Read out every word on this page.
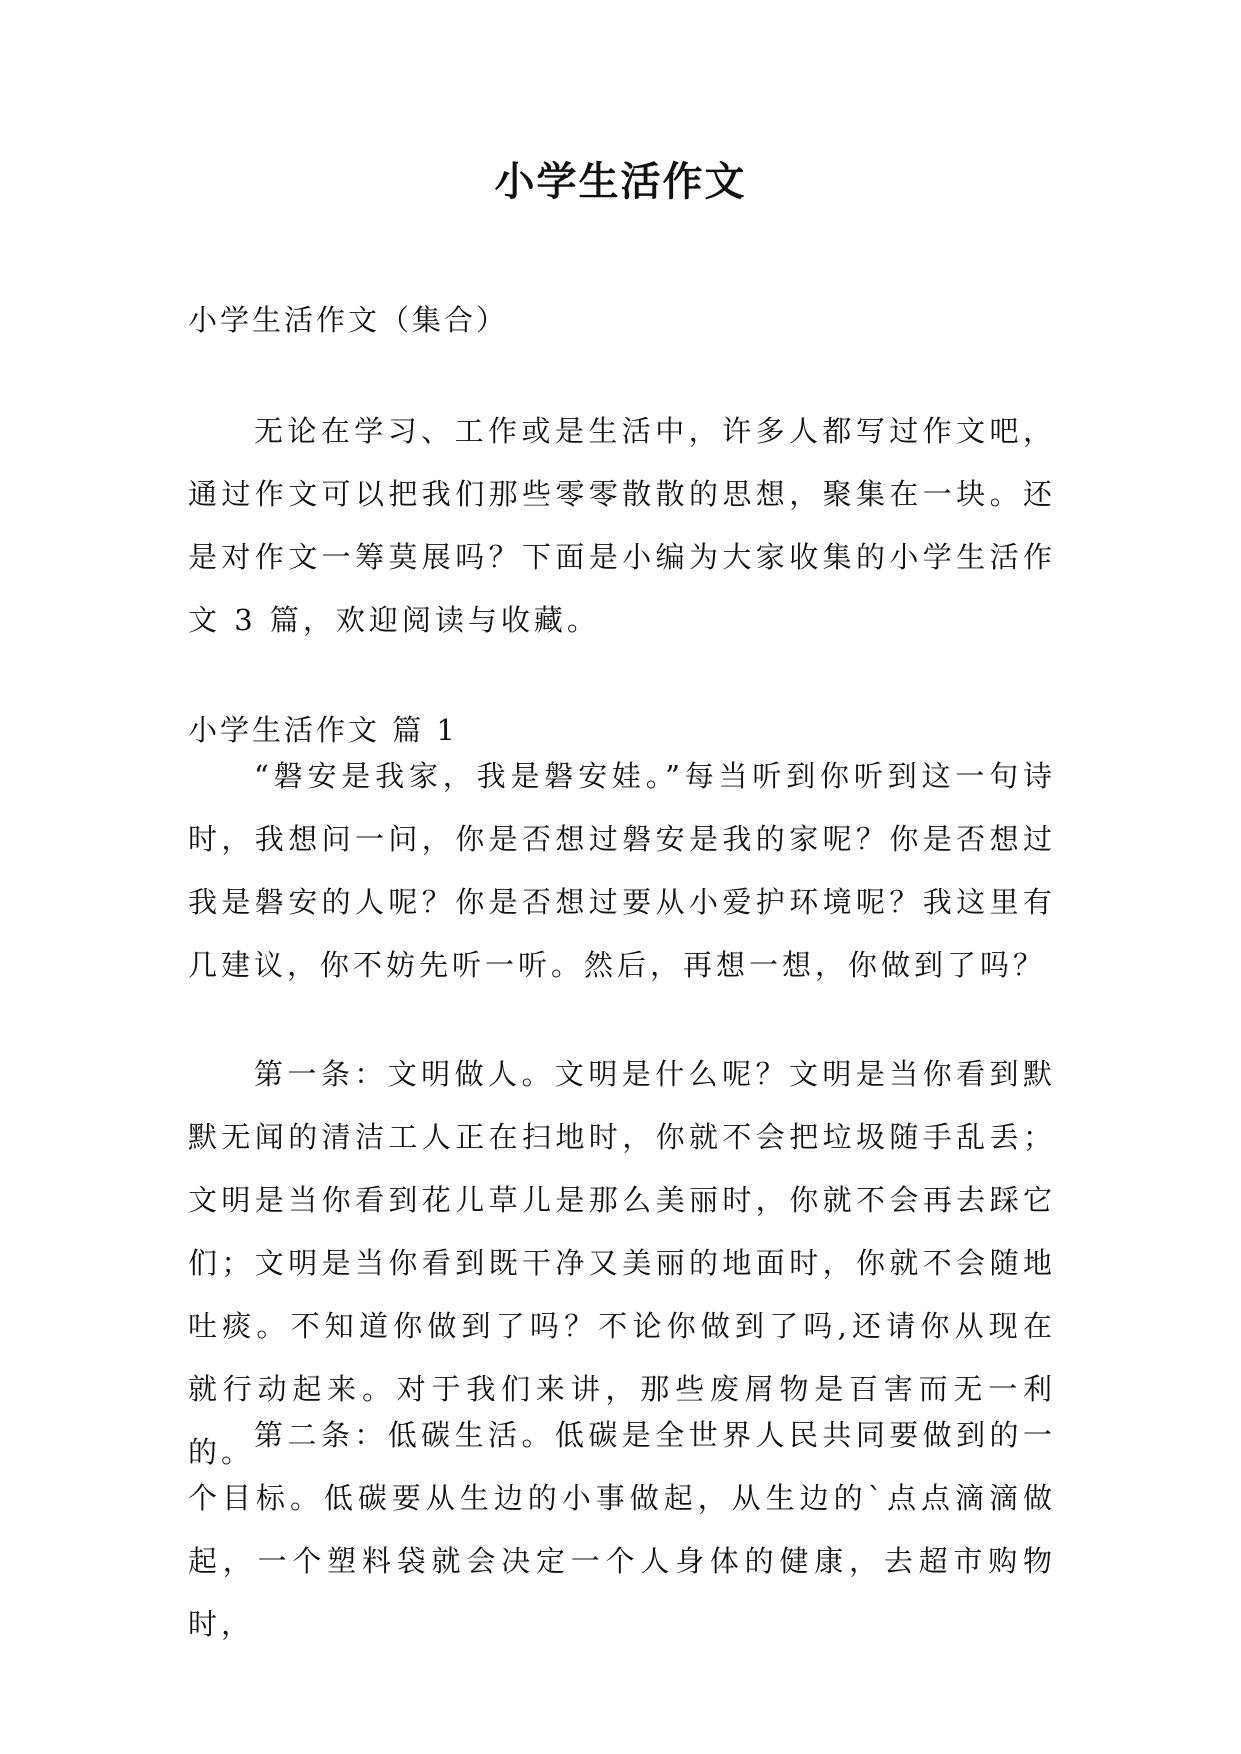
小学生活作文
小学生活作文（集合）

无论在学习、工作或是生活中，许多人都写过作文吧，通过作文可以把我们那些零零散散的思想，聚集在一块。还是对作文一筹莫展吗？下面是小编为大家收集的小学生活作文 3 篇，欢迎阅读与收藏。

小学生活作文 篇 1

“磐安是我家，我是磐安娃。”每当听到你听到这一句诗时，我想问一问，你是否想过磐安是我的家呢？你是否想过我是磐安的人呢？你是否想过要从小爱护环境呢？我这里有几建议，你不妨先听一听。然后，再想一想，你做到了吗？

第一条：文明做人。文明是什么呢？文明是当你看到默默无闻的清洁工人正在扫地时，你就不会把垃圾随手乱丢；文明是当你看到花儿草儿是那么美丽时，你就不会再去踩它们；文明是当你看到既干净又美丽的地面时，你就不会随地吐痰。不知道你做到了吗？不论你做到了吗,还请你从现在就行动起来。对于我们来讲，那些废屑物是百害而无一利的。 第二条：低碳生活。低碳是全世界人民共同要做到的一个目标。低碳要从生边的小事做起，从生边的`点点滴滴做起，一个塑料袋就会决定一个人身体的健康，去超市购物时，
